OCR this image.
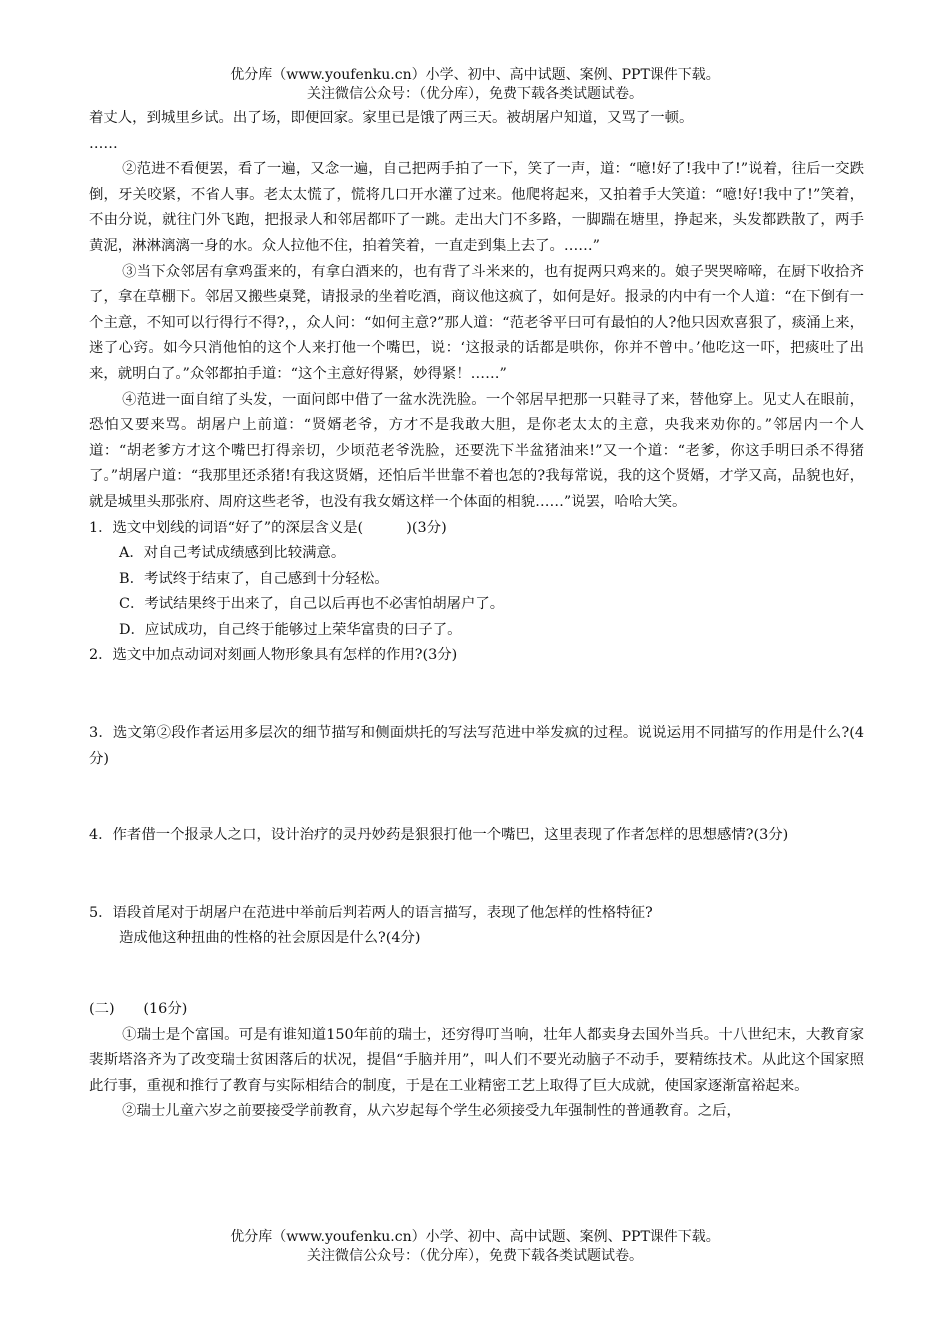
优分库（www.youfenku.cn）小学、初中、高中试题、案例、PPT课件下载。
关注微信公众号：（优分库），免费下载各类试题试卷。

着丈人，到城里乡试。出了场，即便回家。家里已是饿了两三天。被胡屠户知道，又骂了一顿。

……

②范进不看便罢，看了一遍，又念一遍，自己把两手拍了一下，笑了一声，道：“噫!好了!我中了!”说着，往后一交跌倒，牙关咬紧，不省人事。老太太慌了，慌将几口开水灌了过来。他爬将起来，又拍着手大笑道：“噫!好!我中了!”笑着，不由分说，就往门外飞跑，把报录人和邻居都吓了一跳。走出大门不多路，一脚踹在塘里，挣起来，头发都跌散了，两手黄泥，淋淋漓漓一身的水。众人拉他不住，拍着笑着，一直走到集上去了。……”

③当下众邻居有拿鸡蛋来的，有拿白酒来的，也有背了斗米来的，也有捉两只鸡来的。娘子哭哭啼啼，在厨下收拾齐了，拿在草棚下。邻居又搬些桌凳，请报录的坐着吃酒，商议他这疯了，如何是好。报录的内中有一个人道：“在下倒有一个主意，不知可以行得行不得?，，众人问：“如何主意?”那人道：“范老爷平曰可有最怕的人?他只因欢喜狠了，痰涌上来，迷了心窍。如今只消他怕的这个人来打他一个嘴巴，说：‘这报录的话都是哄你，你并不曾中。’他吃这一吓，把痰吐了出来，就明白了。”众邻都拍手道：“这个主意好得紧，妙得紧！……”

④范进一面自绾了头发，一面问郎中借了一盆水洗洗脸。一个邻居早把那一只鞋寻了来，替他穿上。见丈人在眼前，恐怕又要来骂。胡屠户上前道：“贤婿老爷，方才不是我敢大胆，是你老太太的主意，央我来劝你的。”邻居内一个人道：“胡老爹方才这个嘴巴打得亲切，少顷范老爷洗脸，还要洗下半盆猪油来!”又一个道：“老爹，你这手明曰杀不得猪了。”胡屠户道：“我那里还杀猪!有我这贤婿，还怕后半世靠不着也怎的?我每常说，我的这个贤婿，才学又高，品貌也好，就是城里头那张府、周府这些老爷，也没有我女婿这样一个体面的相貌……”说罢，哈哈大笑。

1．选文中划线的词语“好了”的深层含义是(　　　)(3分)

A．对自己考试成绩感到比较满意。

B．考试终于结束了，自己感到十分轻松。

C．考试结果终于出来了，自己以后再也不必害怕胡屠户了。

D．应试成功，自己终于能够过上荣华富贵的曰子了。

2．选文中加点动词对刻画人物形象具有怎样的作用?(3分)

3．选文第②段作者运用多层次的细节描写和侧面烘托的写法写范进中举发疯的过程。说说运用不同描写的作用是什么?(4分)

4．作者借一个报录人之口，设计治疗的灵丹妙药是狠狠打他一个嘴巴，这里表现了作者怎样的思想感情?(3分)

5．语段首尾对于胡屠户在范进中举前后判若两人的语言描写，表现了他怎样的性格特征?

造成他这种扭曲的性格的社会原因是什么?(4分)

(二)　　(16分)

①瑞士是个富国。可是有谁知道150年前的瑞士，还穷得叮当响，壮年人都卖身去国外当兵。十八世纪末，大教育家裴斯塔洛齐为了改变瑞士贫困落后的状况，提倡“手脑并用”，叫人们不要光动脑子不动手，要精练技术。从此这个国家照此行事，重视和推行了教育与实际相结合的制度，于是在工业精密工艺上取得了巨大成就，使国家逐渐富裕起来。

②瑞士儿童六岁之前要接受学前教育，从六岁起每个学生必须接受九年强制性的普通教育。之后，

优分库（www.youfenku.cn）小学、初中、高中试题、案例、PPT课件下载。
关注微信公众号：（优分库），免费下载各类试题试卷。
